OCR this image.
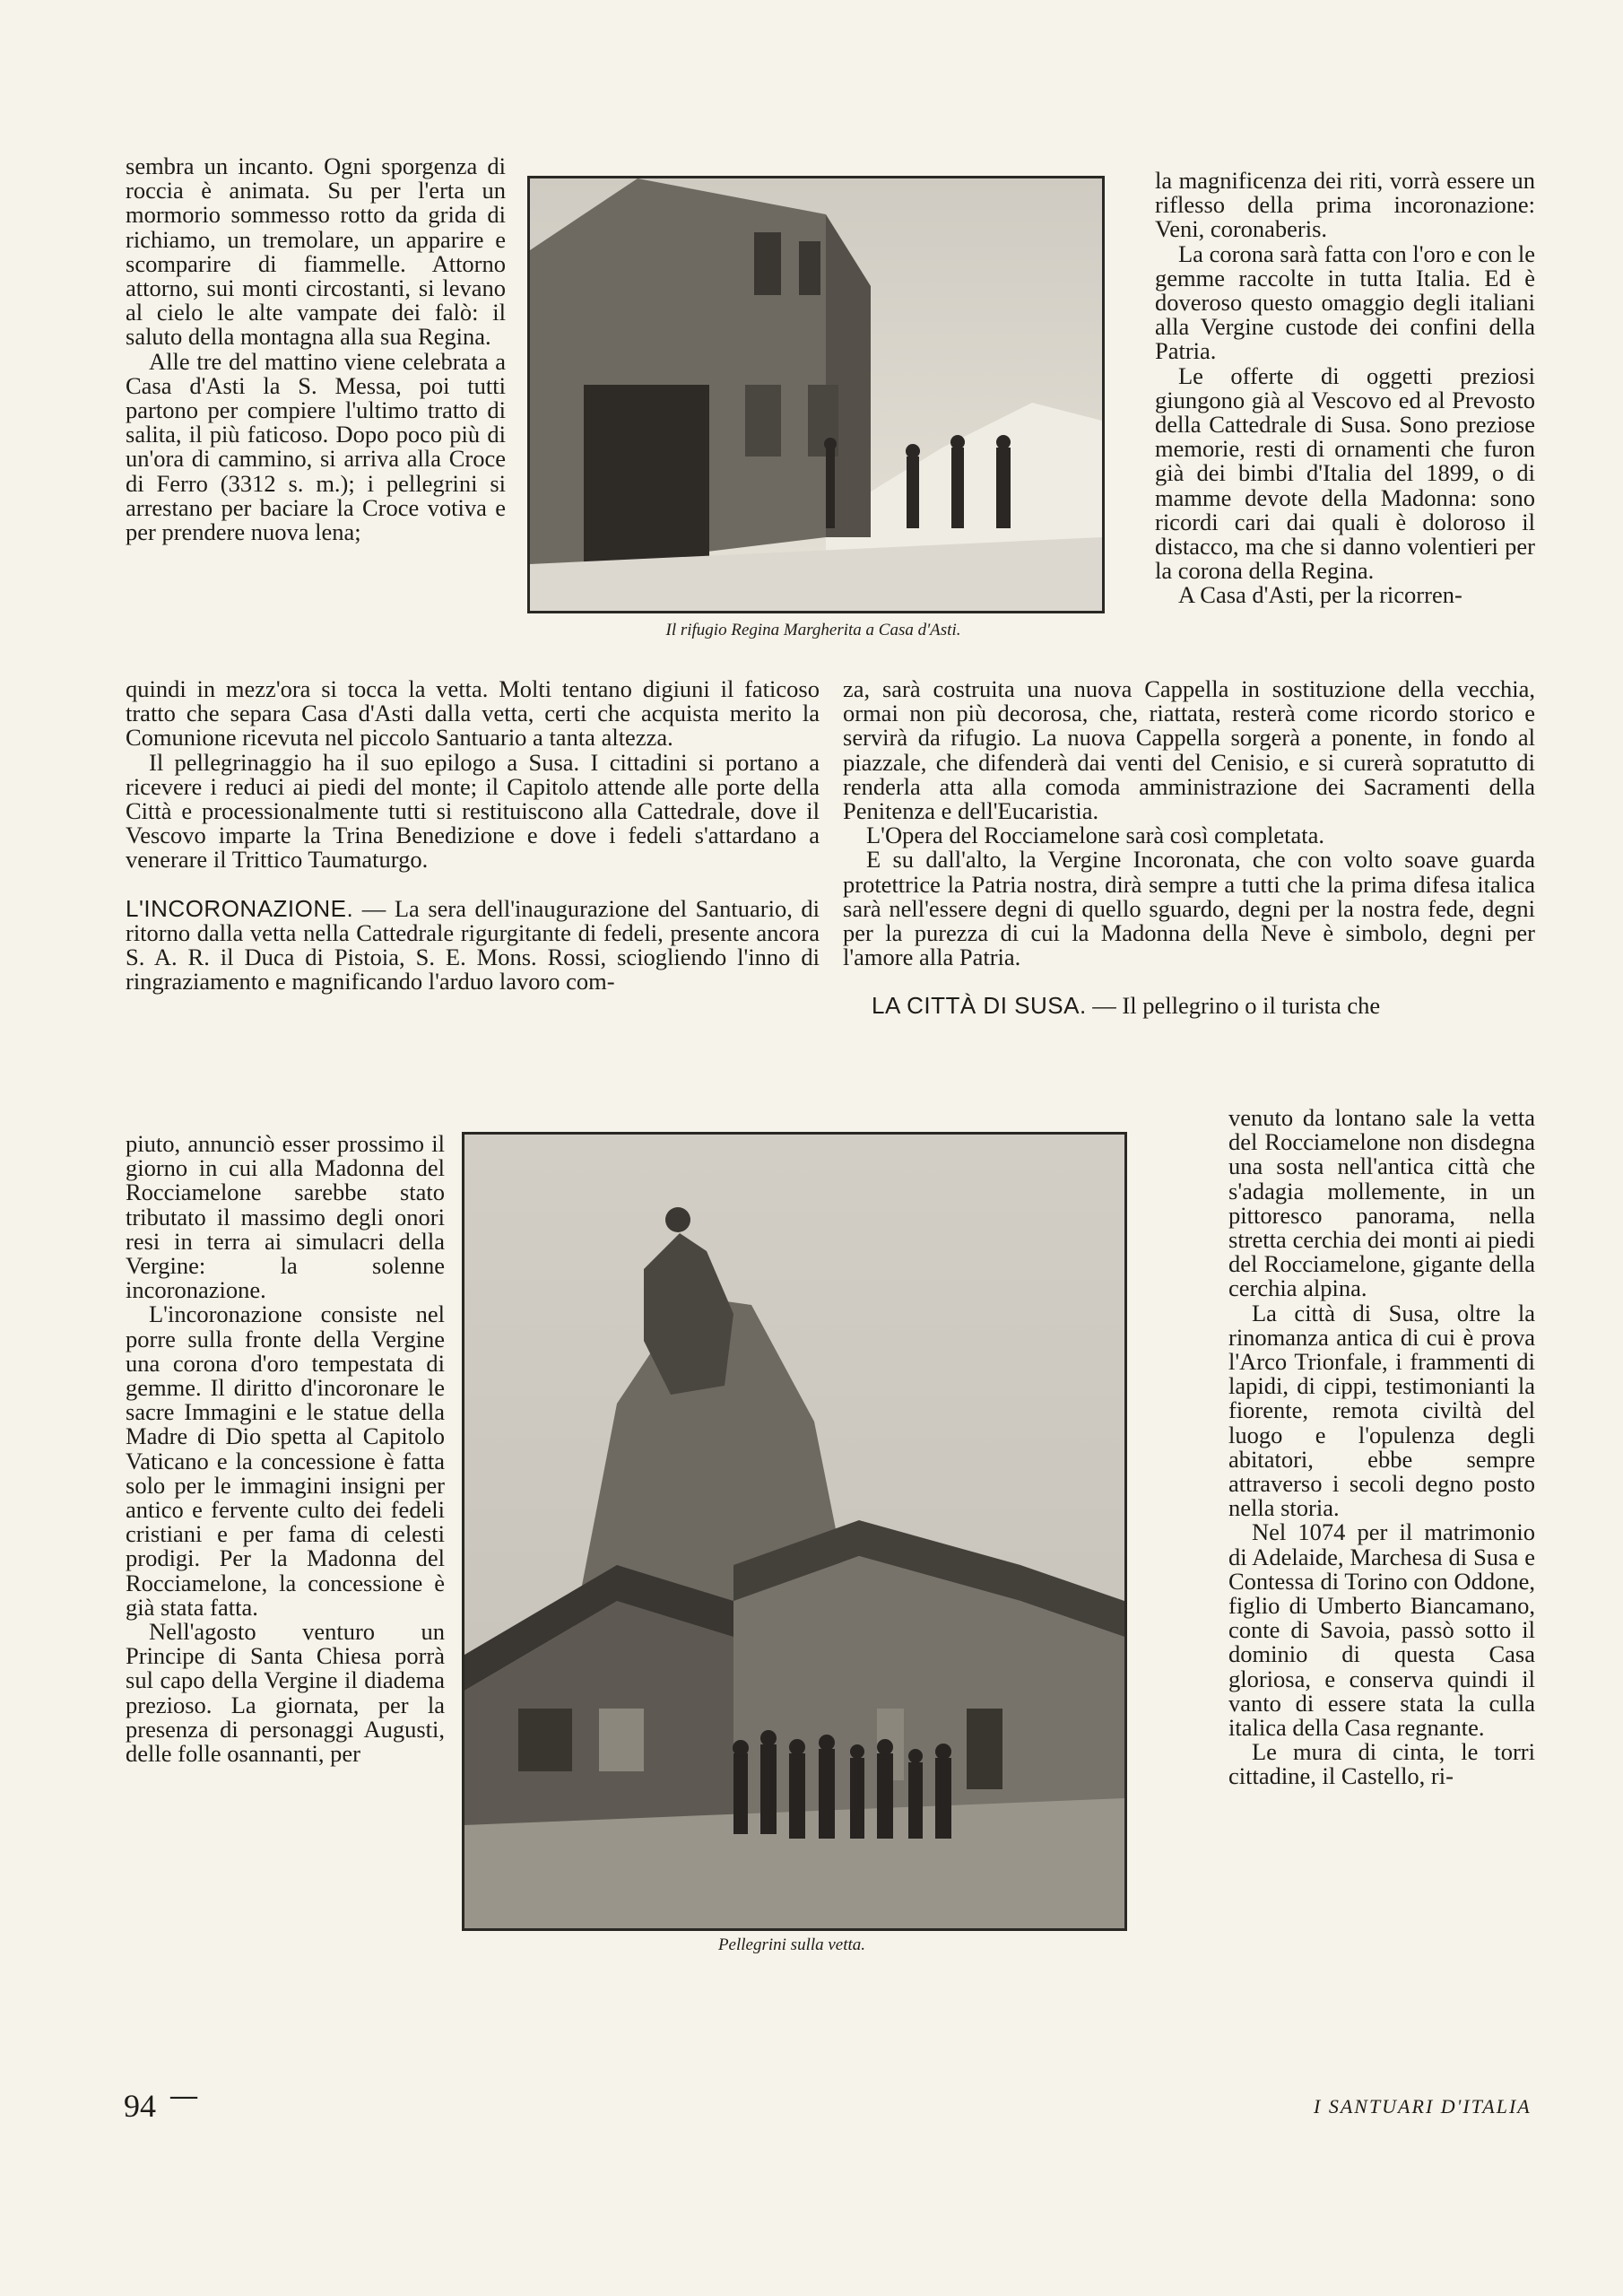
sembra un incanto. Ogni sporgenza di roccia è animata. Su per l'erta un mormorio sommesso rotto da grida di richiamo, un tremolare, un apparire e scomparire di fiammelle. Attorno attorno, sui monti circostanti, si levano al cielo le alte vampate dei falò: il saluto della montagna alla sua Regina.

Alle tre del mattino viene celebrata a Casa d'Asti la S. Messa, poi tutti partono per compiere l'ultimo tratto di salita, il più faticoso. Dopo poco più di un'ora di cammino, si arriva alla Croce di Ferro (3312 s. m.); i pellegrini si arrestano per baciare la Croce votiva e per prendere nuova lena;

Il rifugio Regina Margherita a Casa d'Asti.

la magnificenza dei riti, vorrà essere un riflesso della prima incoronazione: Veni, coronaberis.

La corona sarà fatta con l'oro e con le gemme raccolte in tutta Italia. Ed è doveroso questo omaggio degli italiani alla Vergine custode dei confini della Patria.

Le offerte di oggetti preziosi giungono già al Vescovo ed al Prevosto della Cattedrale di Susa. Sono preziose memorie, resti di ornamenti che furon già dei bimbi d'Italia del 1899, o di mamme devote della Madonna: sono ricordi cari dai quali è doloroso il distacco, ma che si danno volentieri per la corona della Regina.

A Casa d'Asti, per la ricorren-

quindi in mezz'ora si tocca la vetta. Molti tentano digiuni il faticoso tratto che separa Casa d'Asti dalla vetta, certi che acquista merito la Comunione ricevuta nel piccolo Santuario a tanta altezza.

Il pellegrinaggio ha il suo epilogo a Susa. I cittadini si portano a ricevere i reduci ai piedi del monte; il Capitolo attende alle porte della Città e processionalmente tutti si restituiscono alla Cattedrale, dove il Vescovo imparte la Trina Benedizione e dove i fedeli s'attardano a venerare il Trittico Taumaturgo.

L'INCORONAZIONE. — La sera dell'inaugurazione del Santuario, di ritorno dalla vetta nella Cattedrale rigurgitante di fedeli, presente ancora S. A. R. il Duca di Pistoia, S. E. Mons. Rossi, sciogliendo l'inno di ringraziamento e magnificando l'arduo lavoro com-

za, sarà costruita una nuova Cappella in sostituzione della vecchia, ormai non più decorosa, che, riattata, resterà come ricordo storico e servirà da rifugio. La nuova Cappella sorgerà a ponente, in fondo al piazzale, che difenderà dai venti del Cenisio, e si curerà sopratutto di renderla atta alla comoda amministrazione dei Sacramenti della Penitenza e dell'Eucaristia.

L'Opera del Rocciamelone sarà così completata.

E su dall'alto, la Vergine Incoronata, che con volto soave guarda protettrice la Patria nostra, dirà sempre a tutti che la prima difesa italica sarà nell'essere degni di quello sguardo, degni per la nostra fede, degni per la purezza di cui la Madonna della Neve è simbolo, degni per l'amore alla Patria.

LA CITTÀ DI SUSA. — Il pellegrino o il turista che

piuto, annunciò esser prossimo il giorno in cui alla Madonna del Rocciamelone sarebbe stato tributato il massimo degli onori resi in terra ai simulacri della Vergine: la solenne incoronazione.

L'incoronazione consiste nel porre sulla fronte della Vergine una corona d'oro tempestata di gemme. Il diritto d'incoronare le sacre Immagini e le statue della Madre di Dio spetta al Capitolo Vaticano e la concessione è fatta solo per le immagini insigni per antico e fervente culto dei fedeli cristiani e per fama di celesti prodigi. Per la Madonna del Rocciamelone, la concessione è già stata fatta.

Nell'agosto venturo un Principe di Santa Chiesa porrà sul capo della Vergine il diadema prezioso. La giornata, per la presenza di personaggi Augusti, delle folle osannanti, per

Pellegrini sulla vetta.

venuto da lontano sale la vetta del Rocciamelone non disdegna una sosta nell'antica città che s'adagia mollemente, in un pittoresco panorama, nella stretta cerchia dei monti ai piedi del Rocciamelone, gigante della cerchia alpina.

La città di Susa, oltre la rinomanza antica di cui è prova l'Arco Trionfale, i frammenti di lapidi, di cippi, testimonianti la fiorente, remota civiltà del luogo e l'opulenza degli abitatori, ebbe sempre attraverso i secoli degno posto nella storia.

Nel 1074 per il matrimonio di Adelaide, Marchesa di Susa e Contessa di Torino con Oddone, figlio di Umberto Biancamano, conte di Savoia, passò sotto il dominio di questa Casa gloriosa, e conserva quindi il vanto di essere stata la culla italica della Casa regnante.

Le mura di cinta, le torri cittadine, il Castello, ri-

94 —	I SANTUARI D'ITALIA
